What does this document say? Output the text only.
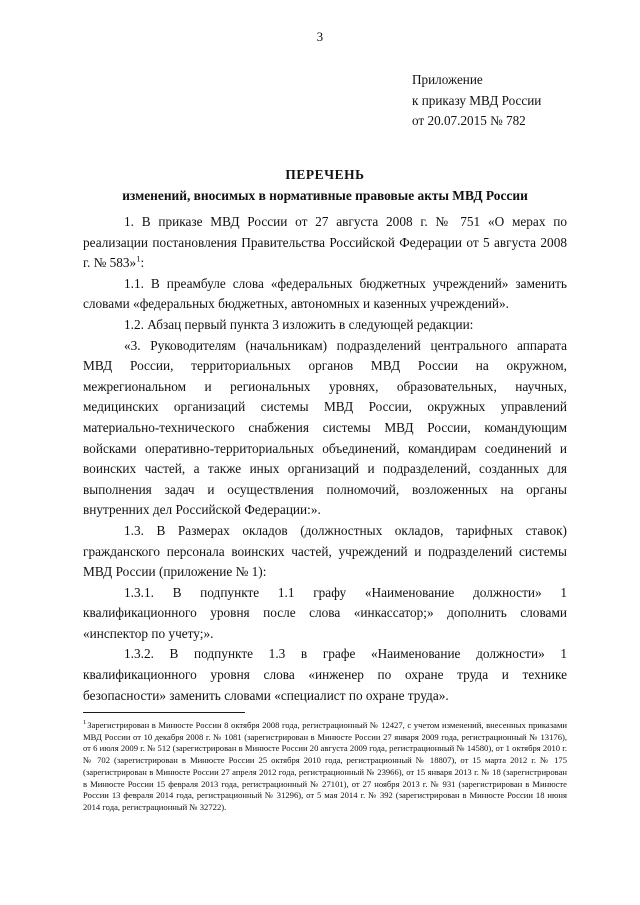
3
Приложение
к приказу МВД России
от 20.07.2015 № 782
ПЕРЕЧЕНЬ
изменений, вносимых в нормативные правовые акты МВД России

1. В приказе МВД России от 27 августа 2008 г. № 751 «О мерах по реализации постановления Правительства Российской Федерации от 5 августа 2008 г. № 583»$^1$:

1.1. В преамбуле слова «федеральных бюджетных учреждений» заменить словами «федеральных бюджетных, автономных и казенных учреждений».

1.2. Абзац первый пункта 3 изложить в следующей редакции:

«3. Руководителям (начальникам) подразделений центрального аппарата МВД России, территориальных органов МВД России на окружном, межрегиональном и региональных уровнях, образовательных, научных, медицинских организаций системы МВД России, окружных управлений материально-технического снабжения системы МВД России, командующим войсками оперативно-территориальных объединений, командирам соединений и воинских частей, а также иных организаций и подразделений, созданных для выполнения задач и осуществления полномочий, возложенных на органы внутренних дел Российской Федерации:».

1.3. В Размерах окладов (должностных окладов, тарифных ставок) гражданского персонала воинских частей, учреждений и подразделений системы МВД России (приложение № 1):

1.3.1. В подпункте 1.1 графу «Наименование должности» 1 квалификационного уровня после слова «инкассатор;» дополнить словами «инспектор по учету;».

1.3.2. В подпункте 1.3 в графе «Наименование должности» 1 квалификационного уровня слова «инженер по охране труда и технике безопасности» заменить словами «специалист по охране труда».

$^1$Зарегистрирован в Минюсте России 8 октября 2008 года, регистрационный № 12427, с учетом изменений, внесенных приказами МВД России от 10 декабря 2008 г. № 1081 (зарегистрирован в Минюсте России 27 января 2009 года, регистрационный № 13176), от 6 июля 2009 г. № 512 (зарегистрирован в Минюсте России 20 августа 2009 года, регистрационный № 14580), от 1 октября 2010 г. № 702 (зарегистрирован в Минюсте России 25 октября 2010 года, регистрационный № 18807), от 15 марта 2012 г. № 175 (зарегистрирован в Минюсте России 27 апреля 2012 года, регистрационный № 23966), от 15 января 2013 г. № 18 (зарегистрирован в Минюсте России 15 февраля 2013 года, регистрационный № 27101), от 27 ноября 2013 г. № 931 (зарегистрирован в Минюсте России 13 февраля 2014 года, регистрационный № 31296), от 5 мая 2014 г. № 392 (зарегистрирован в Минюсте России 18 июня 2014 года, регистрационный № 32722).
